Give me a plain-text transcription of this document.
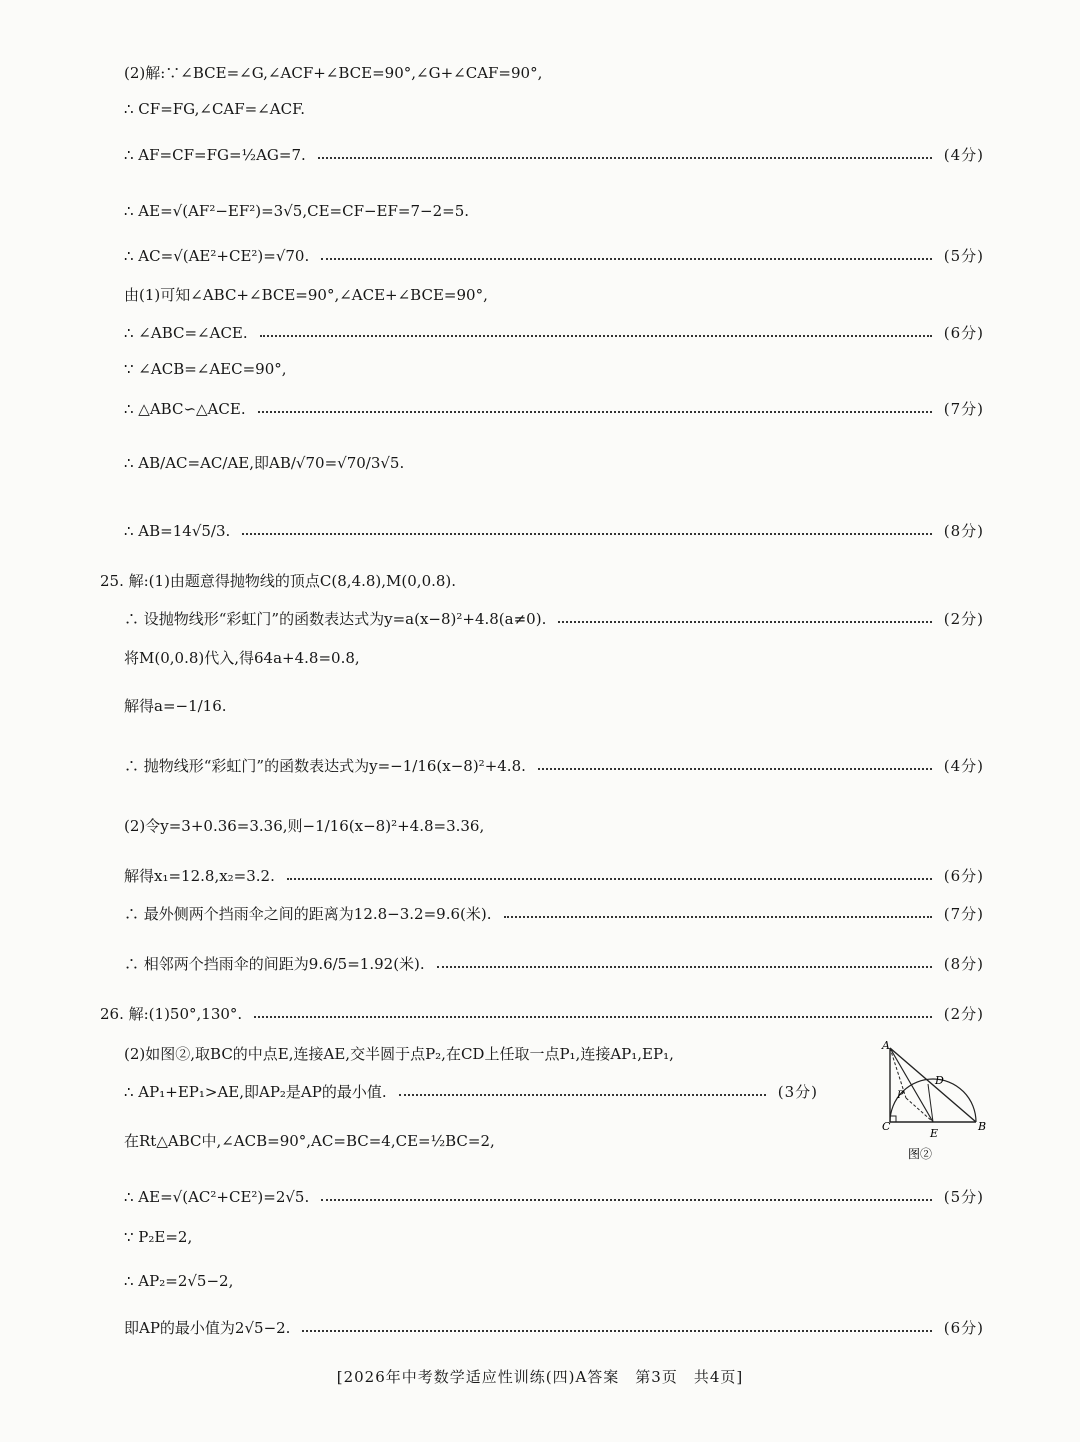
(2)解:∵∠BCE=∠G,∠ACF+∠BCE=90°,∠G+∠CAF=90°,
∴ CF=FG,∠CAF=∠ACF.
∴ AF=CF=FG=½AG=7.	(4分)
∴ AE=√(AF²−EF²)=3√5,CE=CF−EF=7−2=5.
∴ AC=√(AE²+CE²)=√70.	(5分)
由(1)可知∠ABC+∠BCE=90°,∠ACE+∠BCE=90°,
∴ ∠ABC=∠ACE.	(6分)
∵ ∠ACB=∠AEC=90°,
∴ △ABC∽△ACE.	(7分)
∴ AB/AC=AC/AE,即AB/√70=√70/3√5.
∴ AB=14√5/3.	(8分)
25. 解:(1)由题意得抛物线的顶点C(8,4.8),M(0,0.8).
∴ 设抛物线形“彩虹门”的函数表达式为y=a(x−8)²+4.8(a≠0).	(2分)
将M(0,0.8)代入,得64a+4.8=0.8,
解得a=−1/16.
∴ 抛物线形“彩虹门”的函数表达式为y=−1/16(x−8)²+4.8.	(4分)
(2)令y=3+0.36=3.36,则−1/16(x−8)²+4.8=3.36,
解得x₁=12.8,x₂=3.2.	(6分)
∴ 最外侧两个挡雨伞之间的距离为12.8−3.2=9.6(米).	(7分)
∴ 相邻两个挡雨伞的间距为9.6/5=1.92(米).	(8分)
26. 解:(1)50°,130°.	(2分)
(2)如图②,取BC的中点E,连接AE,交半圆于点P₂,在CD上任取一点P₁,连接AP₁,EP₁,
∴ AP₁+EP₁>AE,即AP₂是AP的最小值.	(3分)
在Rt△ABC中,∠ACB=90°,AC=BC=4,CE=½BC=2,
∴ AE=√(AC²+CE²)=2√5.	(5分)
∵ P₂E=2,
∴ AP₂=2√5−2,
即AP的最小值为2√5−2.	(6分)
A
C	B
E
D
P
图②
[2026年中考数学适应性训练(四)A答案　第3页　共4页]
